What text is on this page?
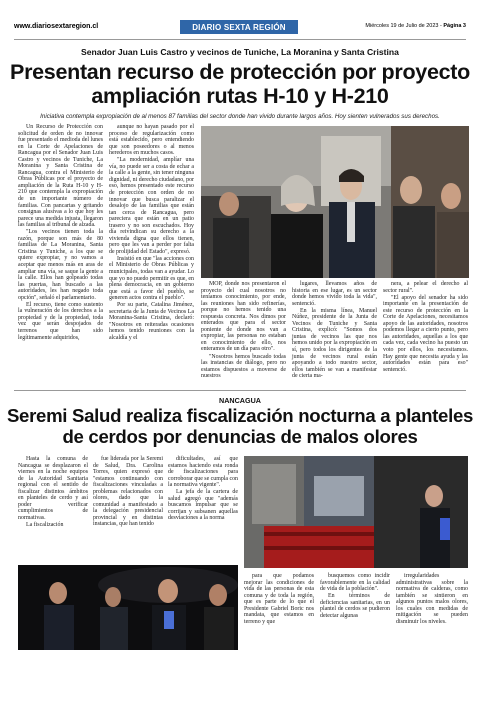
www.diariosextaregion.cl	DIARIO SEXTA REGIÓN	Miércoles 19 de Julio de 2023 - Página 3
Senador Juan Luis Castro y vecinos de Tuniche, La Moranina y Santa Cristina
Presentan recurso de protección por proyecto
ampliación rutas H-10 y H-210
Iniciativa contempla expropiación de al menos 87 familias del sector donde han vivido durante largos años. Hoy sienten vulnerados sus derechos.

Un Recurso de Protección con solicitud de orden de no innovar fue presentado el medioda del lunes en la Corte de Apelaciones de Rancagua por el Senador Juan Luis Castro y vecinos de Tuniche, La Moranina y Santa Cristina de Rancagua, contra el Ministerio de Obras Públicas por el proyecto de ampliación de la Ruta H-10 y H-210 que contempla la expropiación de un importante número de familias. Con pancartas y gritando consignas alusivas a lo que hoy les parece una medida injusta, llegaron las familias al tribunal de alzada.

"Los vecinos tienen toda la razón, porque son más de 80 familias de La Moranina, Santa Cristina y Tuniche, a los que se quiere expropiar, y no vamos a aceptar que menos más en aras de ampliar una vía, se saque la gente a la calle. Ellos han golpeado todas las puertas, han buscado a las autoridades, les han negado toda opción", señaló el parlamentario.

El recurso, tiene como sustento la vulneración de los derechos a la propiedad y de la propiedad, toda vez que serán despojados de terrenos que han sido legítimamente adquiridos,

aunque no hayan pasado por el proceso de regularización como está establecido, pero entendiendo que son poseedores o al menos herederos en muchos casos.

"La modernidad, amplíar una vía, no puede ser a costa de echar a la calle a la gente, sin tener ninguna dignidad, ni derecho ciudadano, por eso, hemos presentado este recurso de protección con orden de no innovar que busca paralizar el desalojo de las familias que están tan cerca de Rancagua, pero pareciera que están en un patio trasero y no son escuchados. Hoy día reivindican su derecho a la vivienda digna que ellos tienen, pero que les van a perder por falta de prolijidad del Estado", expresó.

Insistió en que "las acciones con el Ministerio de Obras Públicas y municipales, todas van a ayudar. Lo que yo no puedo permitir es que, en plena democracia, en un gobierno que está a favor del pueblo, se generen actos contra el pueblo".

Por su parte, Catalina Jiménez, secretaria de la Junta de Vecinos La Moranina-Santa Cristina, declaró: "Nosotros en reiteradas ocasiones hemos tenido reuniones con la alcaldía y el

MOP, donde nos presentaron el proyecto del cual nosotros no teníamos conocimiento, por ende, las reuniones han sido refinerías, porque no hemos tenido una respuesta concreta. Nos dimos por enterados que para el sector poniente de donde nos van a expropiar, las personas no estaban en conocimiento de ello, nos enteramos de un día para otro".

"Nosotros hemos buscado todas las instancias de diálogo, pero no estamos dispuestos a moverse de nuestros

lugares, llevamos años de historia en ese lugar, es un sector donde hemos vivido toda la vida", sentenció.

En la misma línea, Manuel Núñez, presidente de la Junta de Vecinos de Tuniche y Santa Cristina, explicó: "Somos dos juntas de vecinos las que nos hemos unido por la expropiación en sí, pero todos los dirigentes de la junta de vecinos rural están apoyando a todo nuestro sector, ellos también se van a manifestar de cierta ma-

nera, a pelear el derecho al sector rural".

"El apoyo del senador ha sido importante en la presentación de este recurso de protección en la Corte de Apelaciones, necesitamos apoyo de las autoridades, nosotros podemos llegar a cierto punto, pero las autoridades, aquellas a los que cada vez, cada vecino ha puesto un voto por ellos, los necesitamos. Hay gente que necesita ayuda y las autoridades están para eso" sentenció.

NANCAGUA
Seremi Salud realiza fiscalización nocturna a planteles
de cerdos por denuncias de malos olores

Hasta la comuna de Nancagua se desplazaron el viernes en la noche equipos de la Autoridad Sanitaria regional con el sentido de fiscalizar distintos ámbitos en planteles de cerdo y así poder verificar cumplimientos de normativas.

La fiscalización

fue liderada por la Seremi de Salud, Dra. Carolina Torres, quien expresó que "estamos continuando con fiscalizaciones vinculadas a problemas relacionados con olores, dado que la comunidad a manifestado a la delegación presidencial provincial y en distintas instancias, que han tenido

dificultades, así que estamos haciendo esta ronda de fiscalizaciones para corroborar que se cumpla con la normativa vigente".

La jefa de la cartera de salud agregó que "además buscamos impulsar que se corrijan y subsanen aquellas desviaciones a la norma

para que podamos mejorar las condiciones de vida de las personas de esta comuna y de toda la región, que es parte de lo que el Presidente Gabriel Boric nos mandata, que estamos en terreno y que

busquemos como incidir favorablemente en la calidad de vida de la población".

En términos de deficiencias sanitarias, en un plantel de cerdos se pudieron detectar algunas

irregularidades administrativas sobre la normativa de calderas, como también se sintieron en algunos puntos malos olores, los cuales con medidas de mitigación se pueden disminuir los niveles.
